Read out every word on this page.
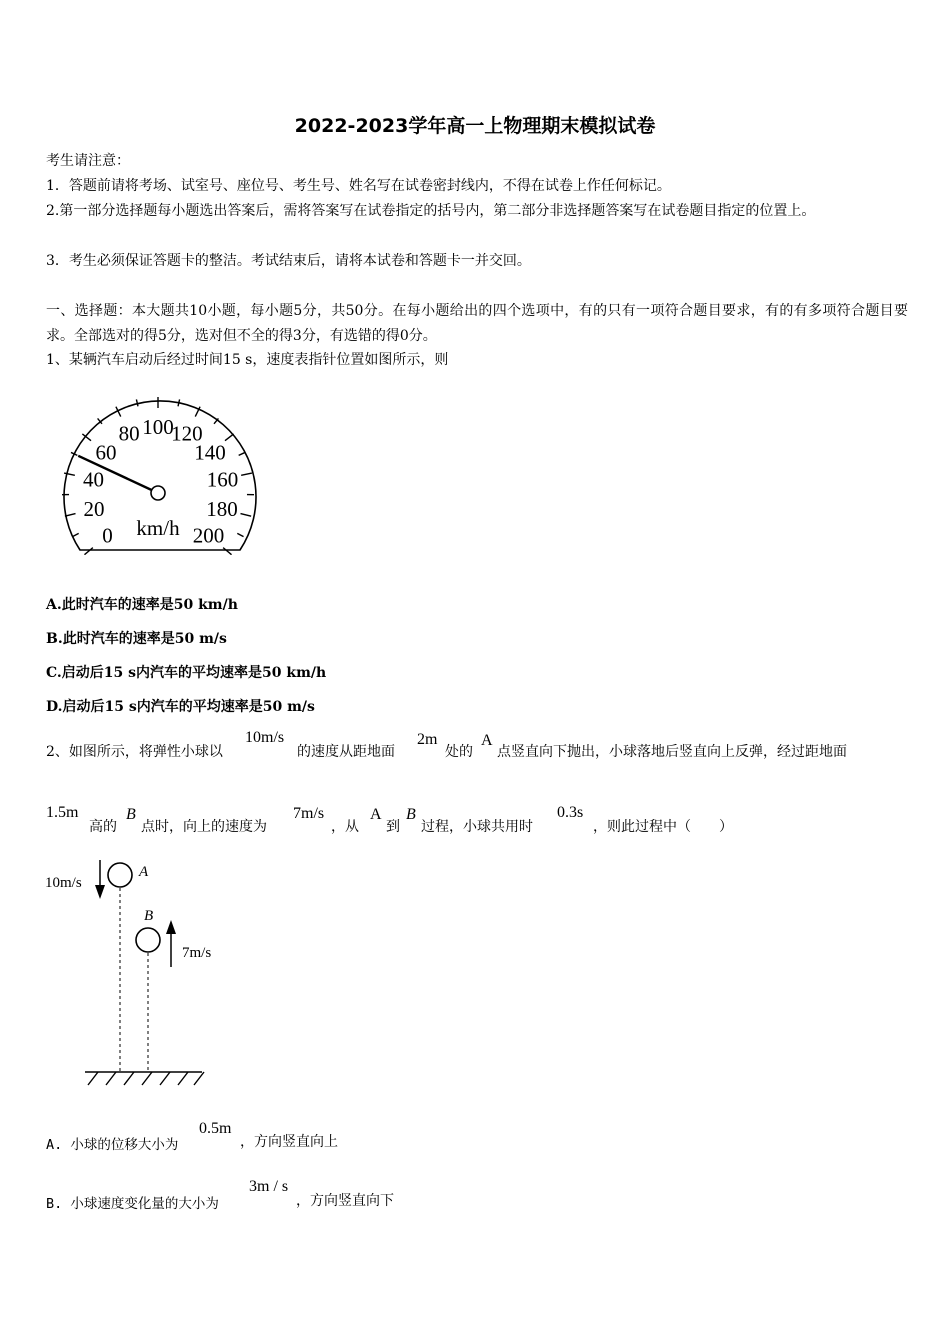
2022-2023学年高一上物理期末模拟试卷
考生请注意：
1．答题前请将考场、试室号、座位号、考生号、姓名写在试卷密封线内，不得在试卷上作任何标记。
2.第一部分选择题每小题选出答案后，需将答案写在试卷指定的括号内，第二部分非选择题答案写在试卷题目指定的位置上。
3．考生必须保证答题卡的整洁。考试结束后，请将本试卷和答题卡一并交回。
一、选择题：本大题共10小题，每小题5分，共50分。在每小题给出的四个选项中，有的只有一项符合题目要求，有的有多项符合题目要求。全部选对的得5分，选对但不全的得3分，有选错的得0分。
1、某辆汽车启动后经过时间15 s，速度表指针位置如图所示，则
0
20
40
60
80 100
120
140
160
180
200
km/h
A.此时汽车的速率是50 km/h
B.此时汽车的速率是50 m/s
C.启动后15 s内汽车的平均速率是50 km/h
D.启动后15 s内汽车的平均速率是50 m/s
2、如图所示，将弹性小球以
10m/s
的速度从距地面
2m
处的
A
点竖直向下抛出，小球落地后竖直向上反弹，经过距地面
1.5m
高的
B
点时，向上的速度为
7m/s
，从
A
到
B
过程，小球共用时
0.3s
，则此过程中（　　）
10m/s
7m/s
A
B
A. 小球的位移大小为
0.5m
，方向竖直向上
B. 小球速度变化量的大小为
3m / s
，方向竖直向下
